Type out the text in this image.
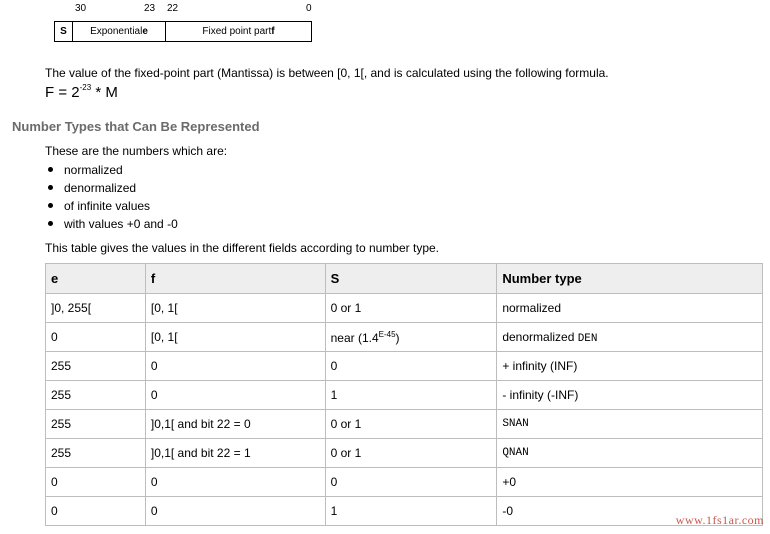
30	23 22	0
S	Exponential e	Fixed point part f
The value of the fixed-point part (Mantissa) is between [0, 1[, and is calculated using the following formula.
$F = 2^{-23} * M$
Number Types that Can Be Represented
These are the numbers which are:
normalized
denormalized
of infinite values
with values +0 and -0
This table gives the values in the different fields according to number type.
e	f	S	Number type
]0, 255[	[0, 1[	0 or 1	normalized
0	[0, 1[	near $(1.4^{E-45})$	denormalized DEN
255	0	0	+ infinity (INF)
255	0	1	- infinity (-INF)
255	]0,1[ and bit 22 = 0	0 or 1	SNAN
255	]0,1[ and bit 22 = 1	0 or 1	QNAN
0	0	0	+0
0	0	1	-0
www.1fs1ar.com
